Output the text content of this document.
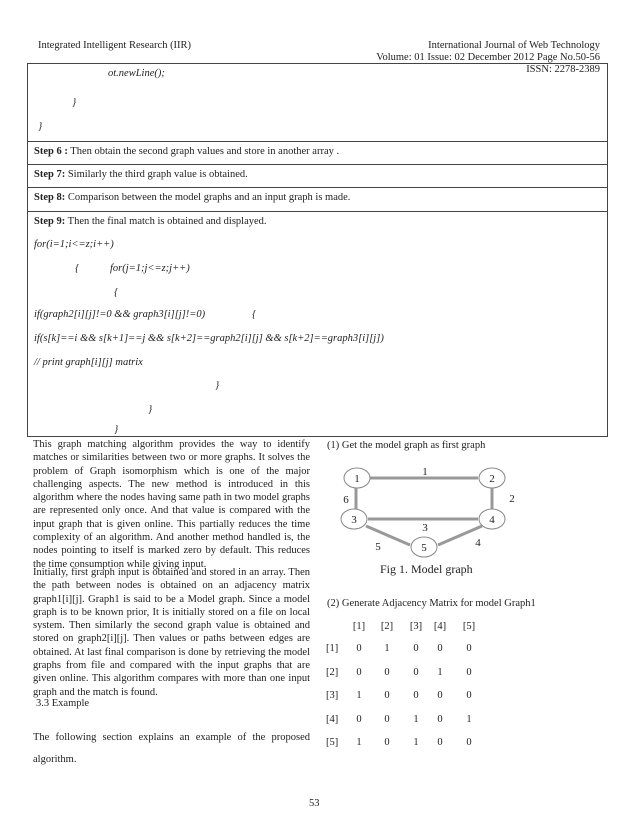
Integrated Intelligent Research (IIR)	International Journal of Web Technology
Volume: 01 Issue: 02 December 2012 Page No.50-56
ISSN: 2278-2389
ot.newLine();
}
}
Step 6 : Then obtain the second graph values and store in another array .
Step 7: Similarly the third graph value is obtained.
Step 8: Comparison between the model graphs and an input graph is made.
Step 9: Then the final match is obtained and displayed.
for(i=1;i<=z;i++)
{	for(j=1;j<=z;j++)
{
if(graph2[i][j]!=0 && graph3[i][j]!=0)	{
if(s[k]==i && s[k+1]==j && s[k+2]==graph2[i][j] && s[k+2]==graph3[i][j])
// print graph[i][j] matrix
}
}
}
This graph matching algorithm provides the way to identify matches or similarities between two or more graphs. It solves the problem of Graph isomorphism which is one of the major challenging aspects. The new method is introduced in this algorithm where the nodes having same path in two model graphs are represented only once. And that value is compared with the input graph that is given online. This partially reduces the time complexity of an algorithm. And another method handled is, the nodes pointing to itself is marked zero by default. This reduces the time consumption while giving input.
Initially, first graph input is obtained and stored in an array. Then the path between nodes is obtained on an adjacency matrix graph1[i][j]. Graph1 is said to be a Model graph. Since a model graph is to be known prior, It is initially stored on a file on local system. Then similarly the second graph value is obtained and stored on graph2[i][j]. Then values or paths between edges are obtained. At last final comparison is done by retrieving the model graphs from file and compared with the input graphs that are given online. This algorithm compares with more than one input graph and the match is found.
3.3 Example
The following section explains an example of the proposed algorithm.
(1) Get the model graph as first graph
1	2
3	4
5
1
2
3
4
5
6
Fig 1. Model graph
(2) Generate Adjacency Matrix for model Graph1
53
[1]	[2]	[3]	[4]	[5]
[1]	0	1	0	0	0
[2]	0	0	0	1	0
[3]	1	0	0	0	0
[4]	0	0	1	0	1
[5]	1	0	1	0	0
